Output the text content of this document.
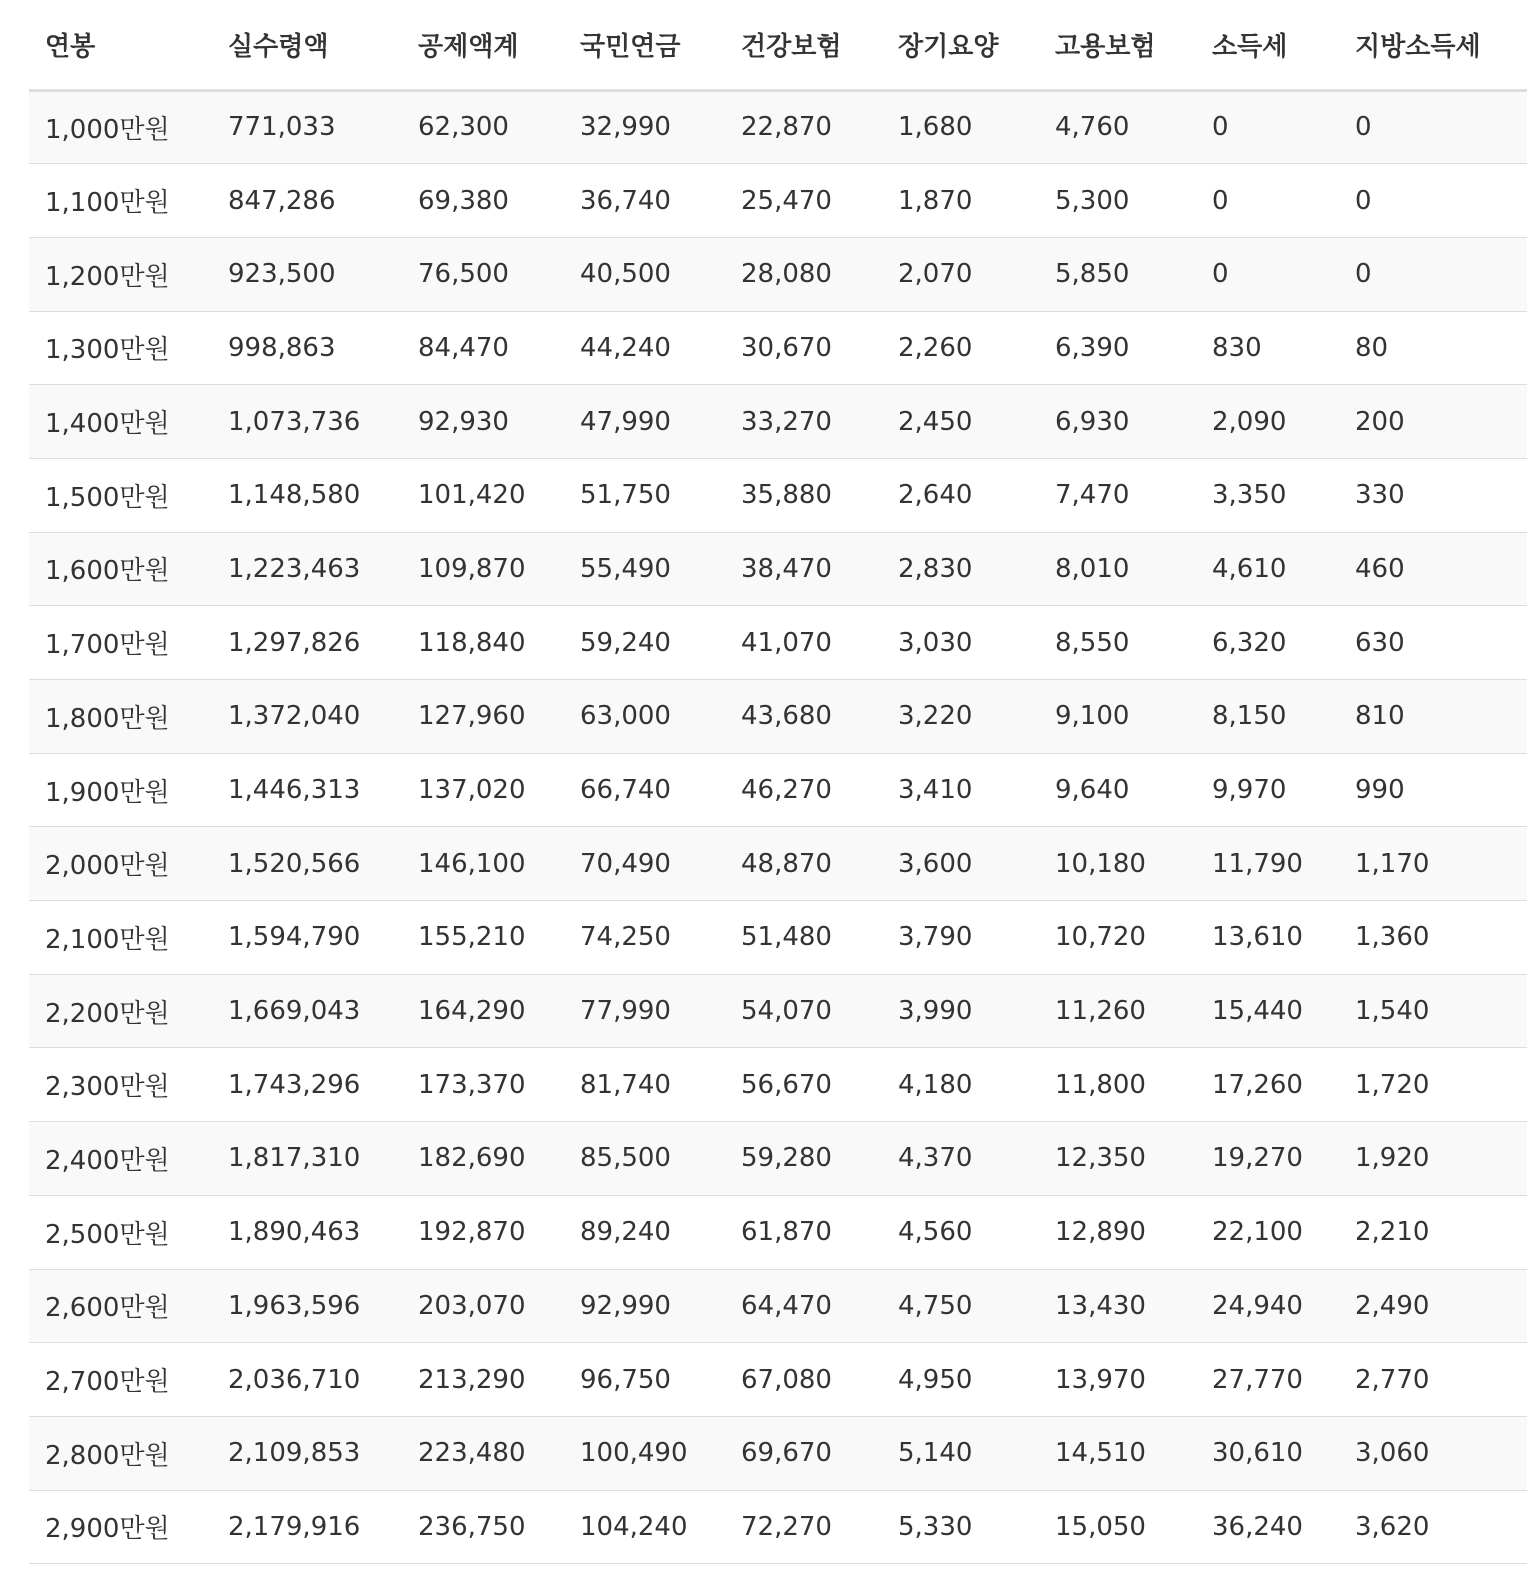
연봉	실수령액	공제액계	국민연금	건강보험	장기요양	고용보험	소득세	지방소득세
1,000만원	771,033	62,300	32,990	22,870	1,680	4,760	0	0
1,100만원	847,286	69,380	36,740	25,470	1,870	5,300	0	0
1,200만원	923,500	76,500	40,500	28,080	2,070	5,850	0	0
1,300만원	998,863	84,470	44,240	30,670	2,260	6,390	830	80
1,400만원	1,073,736	92,930	47,990	33,270	2,450	6,930	2,090	200
1,500만원	1,148,580	101,420	51,750	35,880	2,640	7,470	3,350	330
1,600만원	1,223,463	109,870	55,490	38,470	2,830	8,010	4,610	460
1,700만원	1,297,826	118,840	59,240	41,070	3,030	8,550	6,320	630
1,800만원	1,372,040	127,960	63,000	43,680	3,220	9,100	8,150	810
1,900만원	1,446,313	137,020	66,740	46,270	3,410	9,640	9,970	990
2,000만원	1,520,566	146,100	70,490	48,870	3,600	10,180	11,790	1,170
2,100만원	1,594,790	155,210	74,250	51,480	3,790	10,720	13,610	1,360
2,200만원	1,669,043	164,290	77,990	54,070	3,990	11,260	15,440	1,540
2,300만원	1,743,296	173,370	81,740	56,670	4,180	11,800	17,260	1,720
2,400만원	1,817,310	182,690	85,500	59,280	4,370	12,350	19,270	1,920
2,500만원	1,890,463	192,870	89,240	61,870	4,560	12,890	22,100	2,210
2,600만원	1,963,596	203,070	92,990	64,470	4,750	13,430	24,940	2,490
2,700만원	2,036,710	213,290	96,750	67,080	4,950	13,970	27,770	2,770
2,800만원	2,109,853	223,480	100,490	69,670	5,140	14,510	30,610	3,060
2,900만원	2,179,916	236,750	104,240	72,270	5,330	15,050	36,240	3,620
